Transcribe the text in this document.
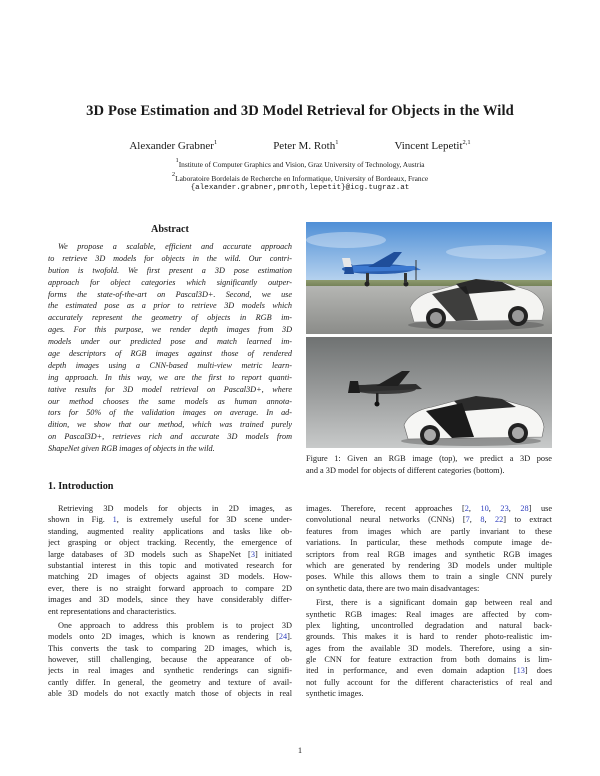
3D Pose Estimation and 3D Model Retrieval for Objects in the Wild
Alexander Grabner$^1$	Peter M. Roth$^1$	Vincent Lepetit$^{2,1}$
$^1$Institute of Computer Graphics and Vision, Graz University of Technology, Austria
$^2$Laboratoire Bordelais de Recherche en Informatique, University of Bordeaux, France
{alexander.grabner,pmroth,lepetit}@icg.tugraz.at
Abstract
We propose a scalable, efficient and accurate approach
to retrieve 3D models for objects in the wild. Our contri-
bution is twofold. We first present a 3D pose estimation
approach for object categories which significantly outper-
forms the state-of-the-art on Pascal3D+. Second, we use
the estimated pose as a prior to retrieve 3D models which
accurately represent the geometry of objects in RGB im-
ages. For this purpose, we render depth images from 3D
models under our predicted pose and match learned im-
age descriptors of RGB images against those of rendered
depth images using a CNN-based multi-view metric learn-
ing approach. In this way, we are the first to report quanti-
tative results for 3D model retrieval on Pascal3D+, where
our method chooses the same models as human annota-
tors for 50% of the validation images on average. In ad-
dition, we show that our method, which was trained purely
on Pascal3D+, retrieves rich and accurate 3D models from
ShapeNet given RGB images of objects in the wild.
Figure 1: Given an RGB image (top), we predict a 3D pose
and a 3D model for objects of different categories (bottom).
1. Introduction
Retrieving 3D models for objects in 2D images, as
shown in Fig. 1, is extremely useful for 3D scene under-
standing, augmented reality applications and tasks like ob-
ject grasping or object tracking. Recently, the emergence of
large databases of 3D models such as ShapeNet [3] initiated
substantial interest in this topic and motivated research for
matching 2D images of objects against 3D models. How-
ever, there is no straight forward approach to compare 2D
images and 3D models, since they have considerably differ-
ent representations and characteristics.
One approach to address this problem is to project 3D
models onto 2D images, which is known as rendering [24].
This converts the task to comparing 2D images, which is,
however, still challenging, because the appearance of ob-
jects in real images and synthetic renderings can signifi-
cantly differ. In general, the geometry and texture of avail-
able 3D models do not exactly match those of objects in real
images. Therefore, recent approaches [2, 10, 23, 28] use
convolutional neural networks (CNNs) [7, 8, 22] to extract
features from images which are partly invariant to these
variations. In particular, these methods compute image de-
scriptors from real RGB images and synthetic RGB images
which are generated by rendering 3D models under multiple
poses. While this allows them to train a single CNN purely
on synthetic data, there are two main disadvantages:
First, there is a significant domain gap between real and
synthetic RGB images: Real images are affected by com-
plex lighting, uncontrolled degradation and natural back-
grounds. This makes it is hard to render photo-realistic im-
ages from the available 3D models. Therefore, using a sin-
gle CNN for feature extraction from both domains is lim-
ited in performance, and even domain adaption [13] does
not fully account for the different characteristics of real and
synthetic images.
1
